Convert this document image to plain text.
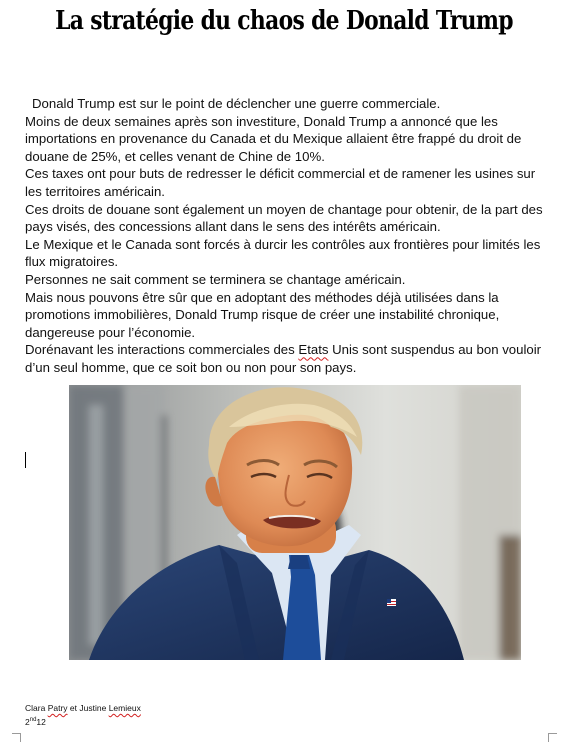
La stratégie du chaos de Donald Trump

Donald Trump est sur le point de déclencher une guerre commerciale.

Moins de deux semaines après son investiture, Donald Trump a annoncé que les importations en provenance du Canada et du Mexique allaient être frappé du droit de douane de 25%, et celles venant de Chine de 10%.

Ces taxes ont pour buts de redresser le déficit commercial et de ramener les usines sur les territoires américain.

Ces droits de douane sont également un moyen de chantage pour obtenir, de la part des pays visés, des concessions allant dans le sens des intérêts américain.

Le Mexique et le Canada sont forcés à durcir les contrôles aux frontières pour limités les flux migratoires.

Personnes ne sait comment se terminera se chantage américain.

Mais nous pouvons être sûr que en adoptant des méthodes déjà utilisées dans la promotions immobilières, Donald Trump risque de créer une instabilité chronique, dangereuse pour l’économie.

Dorénavant les interactions commerciales des Etats Unis sont suspendus au bon vouloir d’un seul homme, que ce soit bon ou non pour son pays.

Clara Patry et Justine Lemieux
2nd12
